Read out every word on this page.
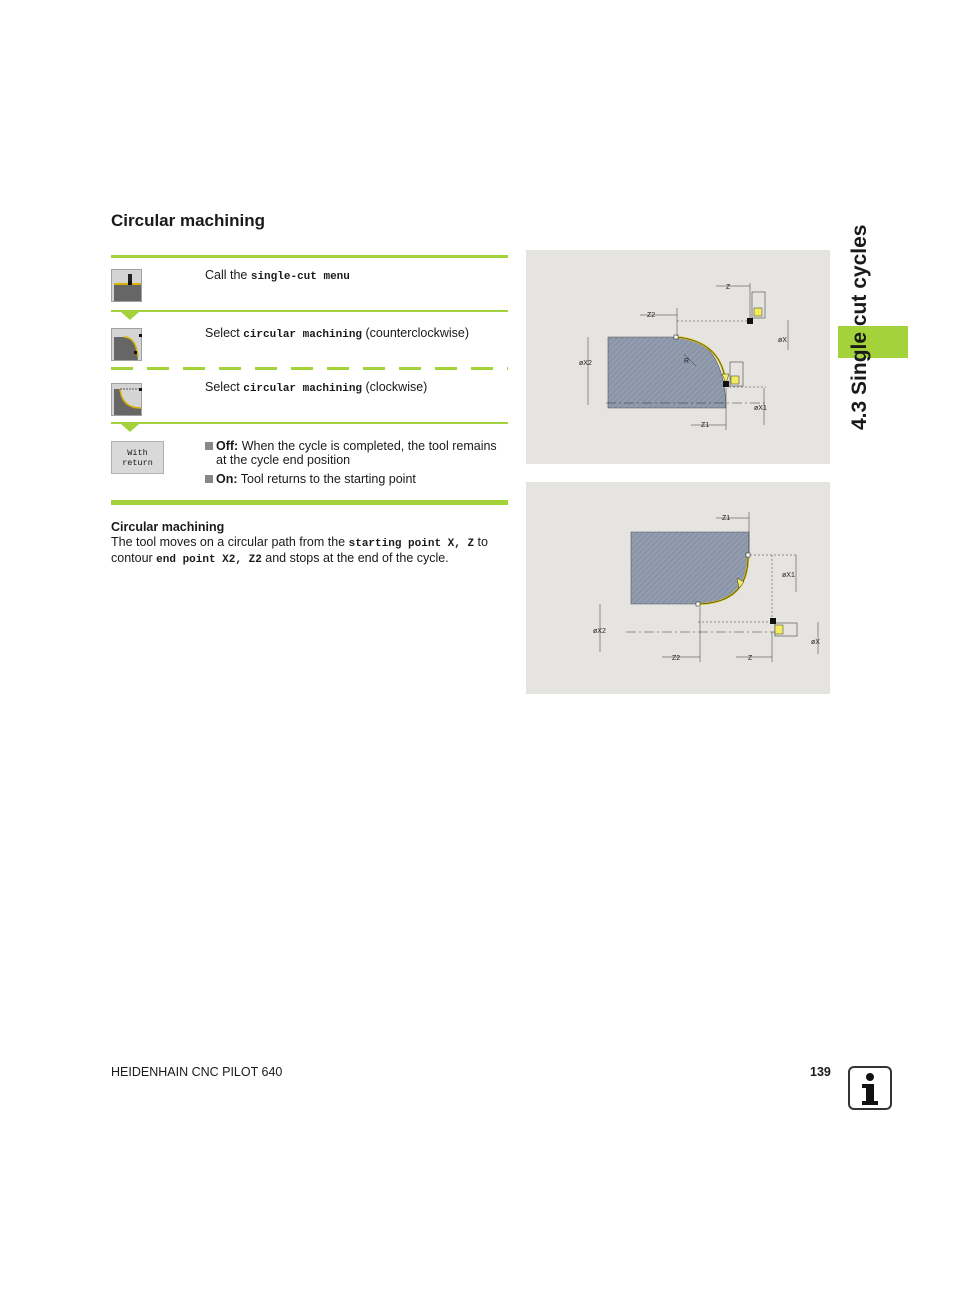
Circular machining
Call the single-cut menu
Select circular machining (counterclockwise)
Select circular machining (clockwise)
With
return
Off: When the cycle is completed, the tool remains at the cycle end position
On: Tool returns to the starting point
Circular machining
The tool moves on a circular path from the starting point X, Z to contour end point X2, Z2 and stops at the end of the cycle.
Z
Z2
øX
øX2	R
øX1
Z1
Z1
øX1
øX2
øX
Z2	Z
4.3 Single cut cycles
HEIDENHAIN CNC PILOT 640	139
